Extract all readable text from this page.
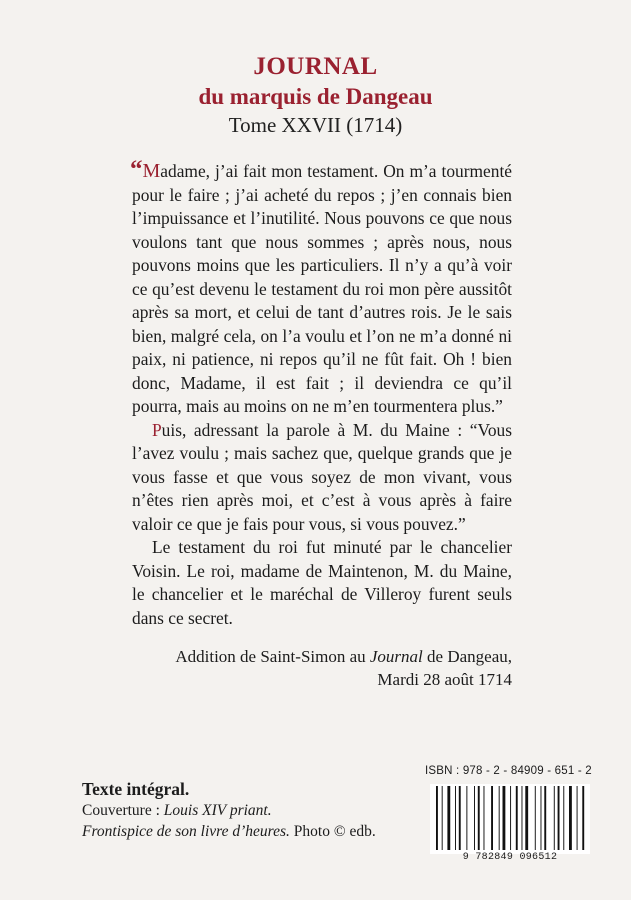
JOURNAL
du marquis de Dangeau
Tome XXVII (1714)

“Madame, j’ai fait mon testament. On m’a tourmenté pour le faire ; j’ai acheté du repos ; j’en connais bien l’impuissance et l’inutilité. Nous pouvons ce que nous voulons tant que nous sommes ; après nous, nous pouvons moins que les particuliers. Il n’y a qu’à voir ce qu’est devenu le testament du roi mon père aussitôt après sa mort, et celui de tant d’autres rois. Je le sais bien, malgré cela, on l’a voulu et l’on ne m’a donné ni paix, ni patience, ni repos qu’il ne fût fait. Oh ! bien donc, Madame, il est fait ; il deviendra ce qu’il pourra, mais au moins on ne m’en tourmentera plus.”

Puis, adressant la parole à M. du Maine : “Vous l’avez voulu ; mais sachez que, quelque grands que je vous fasse et que vous soyez de mon vivant, vous n’êtes rien après moi, et c’est à vous après à faire valoir ce que je fais pour vous, si vous pouvez.”

Le testament du roi fut minuté par le chancelier Voisin. Le roi, madame de Maintenon, M. du Maine, le chancelier et le maréchal de Villeroy furent seuls dans ce secret.

Addition de Saint-Simon au Journal de Dangeau,
Mardi 28 août 1714
Texte intégral.
Couverture : Louis XIV priant.
Frontispice de son livre d’heures. Photo © edb.
ISBN : 978 - 2 - 84909 - 651 - 2
9 782849 096512
